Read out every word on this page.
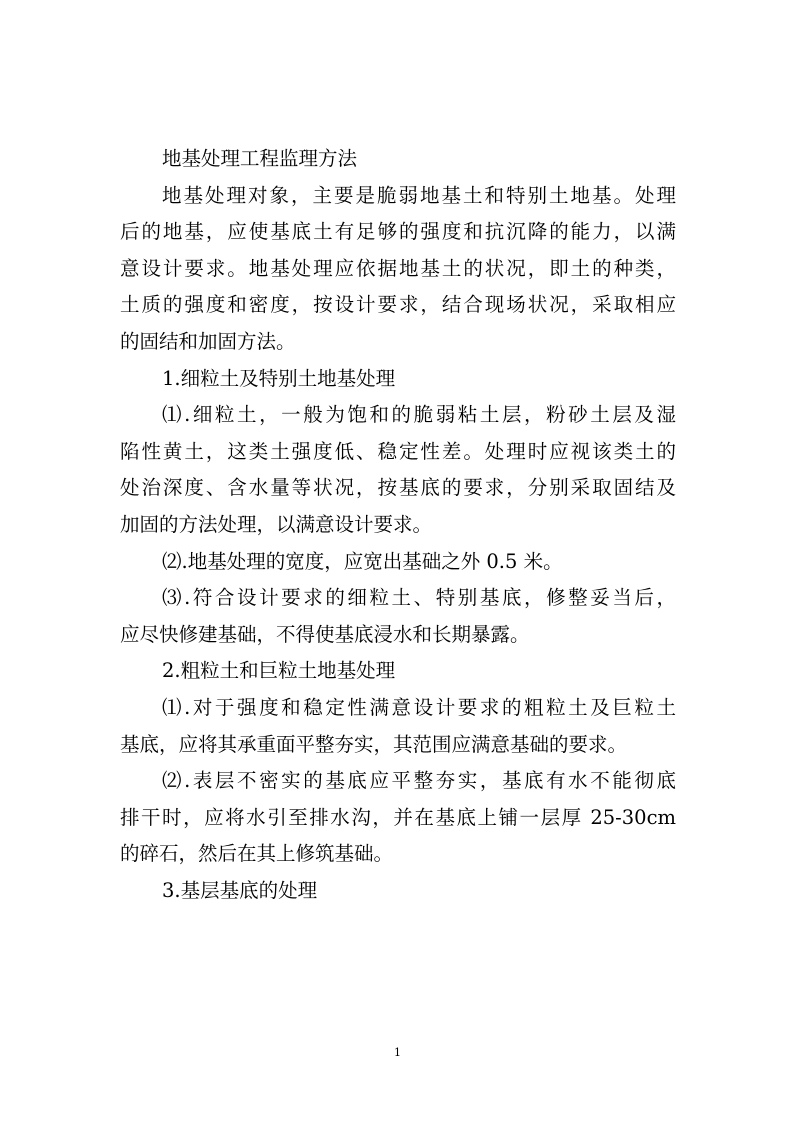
地基处理工程监理方法
地基处理对象，主要是脆弱地基土和特别土地基。处理
后的地基，应使基底土有足够的强度和抗沉降的能力，以满
意设计要求。地基处理应依据地基土的状况，即土的种类，
土质的强度和密度，按设计要求，结合现场状况，采取相应
的固结和加固方法。
1.细粒土及特别土地基处理
⑴.细粒土，一般为饱和的脆弱粘土层，粉砂土层及湿
陷性黄土，这类土强度低、稳定性差。处理时应视该类土的
处治深度、含水量等状况，按基底的要求，分别采取固结及
加固的方法处理，以满意设计要求。
⑵.地基处理的宽度，应宽出基础之外 0.5 米。
⑶.符合设计要求的细粒土、特别基底，修整妥当后，
应尽快修建基础，不得使基底浸水和长期暴露。
2.粗粒土和巨粒土地基处理
⑴.对于强度和稳定性满意设计要求的粗粒土及巨粒土
基底，应将其承重面平整夯实，其范围应满意基础的要求。
⑵.表层不密实的基底应平整夯实，基底有水不能彻底
排干时，应将水引至排水沟，并在基底上铺一层厚 25-30cm
的碎石，然后在其上修筑基础。
3.基层基底的处理
1
